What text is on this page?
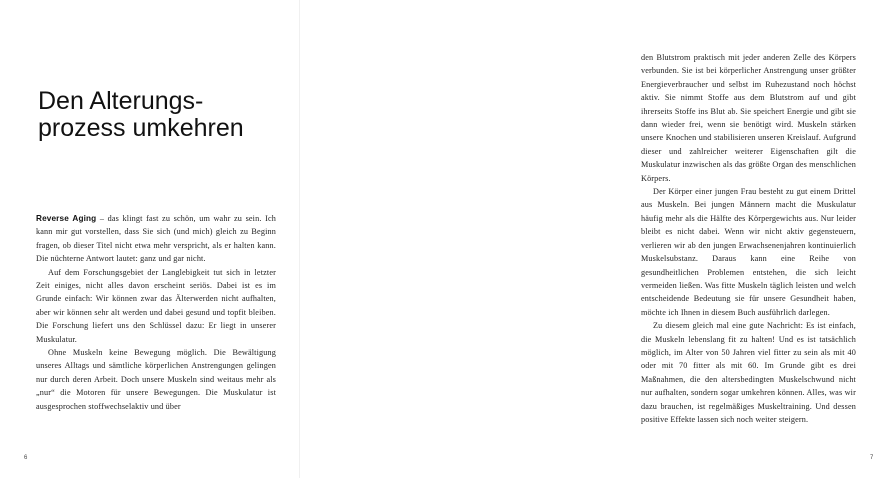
Den Alterungs-
prozess umkehren

Reverse Aging – das klingt fast zu schön, um wahr zu sein. Ich kann mir gut vorstellen, dass Sie sich (und mich) gleich zu Beginn fragen, ob dieser Titel nicht etwa mehr verspricht, als er halten kann. Die nüchterne Antwort lautet: ganz und gar nicht.

Auf dem Forschungsgebiet der Langlebigkeit tut sich in letzter Zeit einiges, nicht alles davon erscheint seriös. Dabei ist es im Grunde einfach: Wir können zwar das Älterwerden nicht aufhalten, aber wir können sehr alt werden und dabei gesund und topfit bleiben. Die Forschung liefert uns den Schlüssel dazu: Er liegt in unserer Muskulatur.

Ohne Muskeln keine Bewegung möglich. Die Bewältigung unseres Alltags und sämtliche körperlichen Anstrengungen gelingen nur durch deren Arbeit. Doch unsere Muskeln sind weitaus mehr als „nur“ die Motoren für unsere Bewegungen. Die Muskulatur ist ausgesprochen stoffwechselaktiv und über

6

den Blutstrom praktisch mit jeder anderen Zelle des Körpers verbunden. Sie ist bei körperlicher Anstrengung unser größter Energieverbraucher und selbst im Ruhezustand noch höchst aktiv. Sie nimmt Stoffe aus dem Blutstrom auf und gibt ihrerseits Stoffe ins Blut ab. Sie speichert Energie und gibt sie dann wieder frei, wenn sie benötigt wird. Muskeln stärken unsere Knochen und stabilisieren unseren Kreislauf. Aufgrund dieser und zahlreicher weiterer Eigenschaften gilt die Muskulatur inzwischen als das größte Organ des menschlichen Körpers.

Der Körper einer jungen Frau besteht zu gut einem Drittel aus Muskeln. Bei jungen Männern macht die Muskulatur häufig mehr als die Hälfte des Körpergewichts aus. Nur leider bleibt es nicht dabei. Wenn wir nicht aktiv gegensteuern, verlieren wir ab den jungen Erwachsenenjahren kontinuierlich Muskelsubstanz. Daraus kann eine Reihe von gesundheitlichen Problemen entstehen, die sich leicht vermeiden ließen. Was fitte Muskeln täglich leisten und welch entscheidende Bedeutung sie für unsere Gesundheit haben, möchte ich Ihnen in diesem Buch ausführlich darlegen.

Zu diesem gleich mal eine gute Nachricht: Es ist einfach, die Muskeln lebenslang fit zu halten! Und es ist tatsächlich möglich, im Alter von 50 Jahren viel fitter zu sein als mit 40 oder mit 70 fitter als mit 60. Im Grunde gibt es drei Maßnahmen, die den altersbedingten Muskelschwund nicht nur aufhalten, sondern sogar umkehren können. Alles, was wir dazu brauchen, ist regelmäßiges Muskeltraining. Und dessen positive Effekte lassen sich noch weiter steigern.

7
